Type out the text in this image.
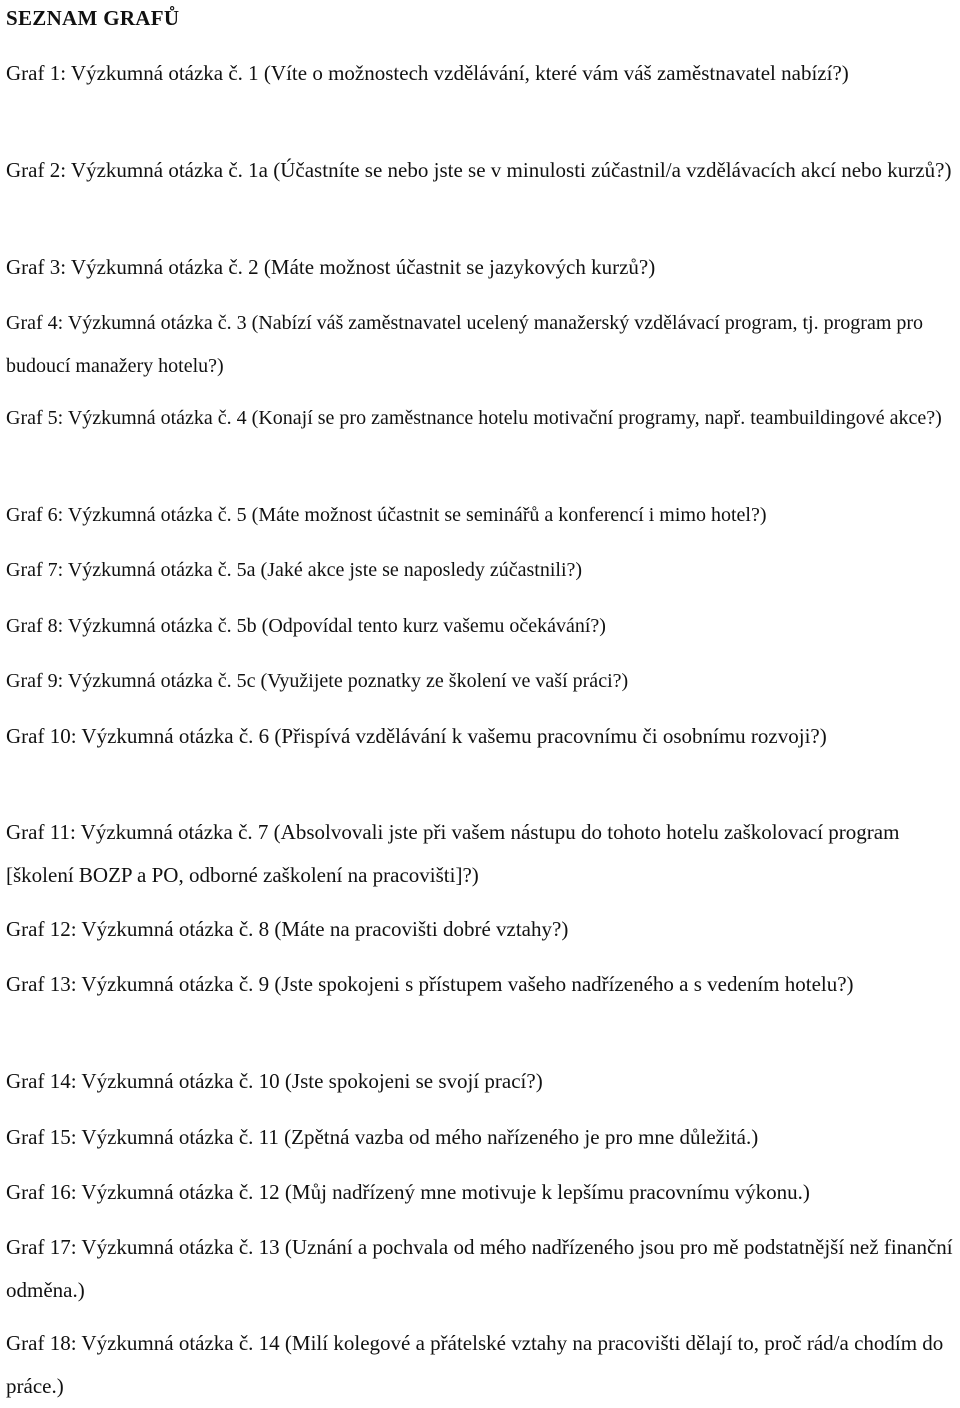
SEZNAM GRAFŮ
Graf 1: Výzkumná otázka č. 1 (Víte o možnostech vzdělávání, které vám váš zaměstnavatel nabízí?)
Graf 2: Výzkumná otázka č. 1a (Účastníte se nebo jste se v minulosti zúčastnil/a vzdělávacích akcí nebo kurzů?)
Graf 3: Výzkumná otázka č. 2 (Máte možnost účastnit se jazykových kurzů?)
Graf 4: Výzkumná otázka č. 3 (Nabízí váš zaměstnavatel ucelený manažerský vzdělávací program, tj. program pro budoucí manažery hotelu?)
Graf 5: Výzkumná otázka č. 4 (Konají se pro zaměstnance hotelu motivační programy, např. teambuildingové akce?)
Graf 6: Výzkumná otázka č. 5 (Máte možnost účastnit se seminářů a konferencí i mimo hotel?)
Graf 7: Výzkumná otázka č. 5a (Jaké akce jste se naposledy zúčastnili?)
Graf 8: Výzkumná otázka č. 5b (Odpovídal tento kurz vašemu očekávání?)
Graf 9: Výzkumná otázka č. 5c (Využijete poznatky ze školení ve vaší práci?)
Graf 10: Výzkumná otázka č. 6 (Přispívá vzdělávání k vašemu pracovnímu či osobnímu rozvoji?)
Graf 11: Výzkumná otázka č. 7 (Absolvovali jste při vašem nástupu do tohoto hotelu zaškolovací program [školení BOZP a PO, odborné zaškolení na pracovišti]?)
Graf 12: Výzkumná otázka č. 8 (Máte na pracovišti dobré vztahy?)
Graf 13: Výzkumná otázka č. 9 (Jste spokojeni s přístupem vašeho nadřízeného a s vedením hotelu?)
Graf 14: Výzkumná otázka č. 10 (Jste spokojeni se svojí prací?)
Graf 15: Výzkumná otázka č. 11 (Zpětná vazba od mého nařízeného je pro mne důležitá.)
Graf 16: Výzkumná otázka č. 12 (Můj nadřízený mne motivuje k lepšímu pracovnímu výkonu.)
Graf 17: Výzkumná otázka č. 13 (Uznání a pochvala od mého nadřízeného jsou pro mě podstatnější než finanční odměna.)
Graf 18: Výzkumná otázka č. 14 (Milí kolegové a přátelské vztahy na pracovišti dělají to, proč rád/a chodím do práce.)
